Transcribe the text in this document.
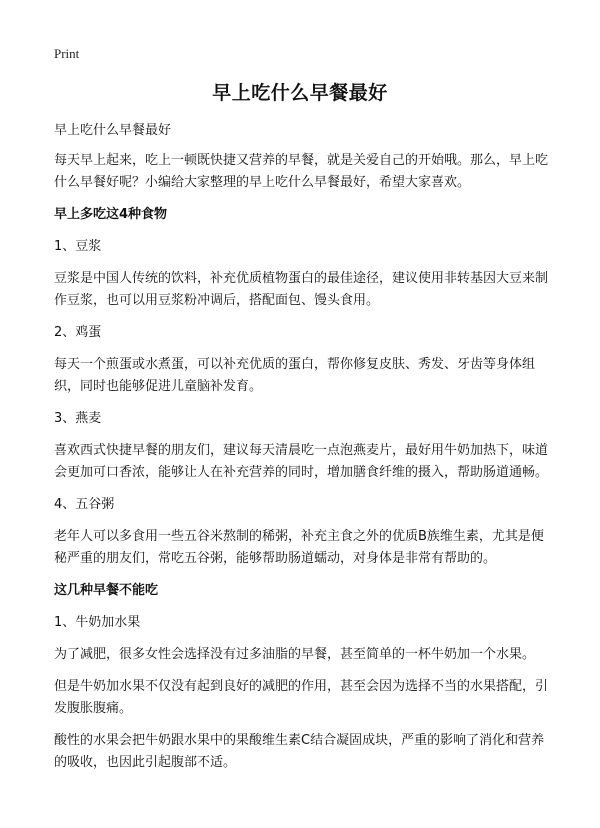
Print
早上吃什么早餐最好

早上吃什么早餐最好

每天早上起来，吃上一顿既快捷又营养的早餐，就是关爱自己的开始哦。那么，早上吃什么早餐好呢？小编给大家整理的早上吃什么早餐最好，希望大家喜欢。

早上多吃这4种食物

1、豆浆

豆浆是中国人传统的饮料，补充优质植物蛋白的最佳途径，建议使用非转基因大豆来制作豆浆，也可以用豆浆粉冲调后，搭配面包、馒头食用。

2、鸡蛋

每天一个煎蛋或水煮蛋，可以补充优质的蛋白，帮你修复皮肤、秀发、牙齿等身体组织，同时也能够促进儿童脑补发育。

3、燕麦

喜欢西式快捷早餐的朋友们，建议每天清晨吃一点泡燕麦片，最好用牛奶加热下，味道会更加可口香浓，能够让人在补充营养的同时，增加膳食纤维的摄入，帮助肠道通畅。

4、五谷粥

老年人可以多食用一些五谷米熬制的稀粥，补充主食之外的优质B族维生素，尤其是便秘严重的朋友们，常吃五谷粥，能够帮助肠道蠕动，对身体是非常有帮助的。

这几种早餐不能吃

1、牛奶加水果

为了减肥，很多女性会选择没有过多油脂的早餐，甚至简单的一杯牛奶加一个水果。

但是牛奶加水果不仅没有起到良好的减肥的作用，甚至会因为选择不当的水果搭配，引发腹胀腹痛。

酸性的水果会把牛奶跟水果中的果酸维生素C结合凝固成块，严重的影响了消化和营养的吸收，也因此引起腹部不适。
